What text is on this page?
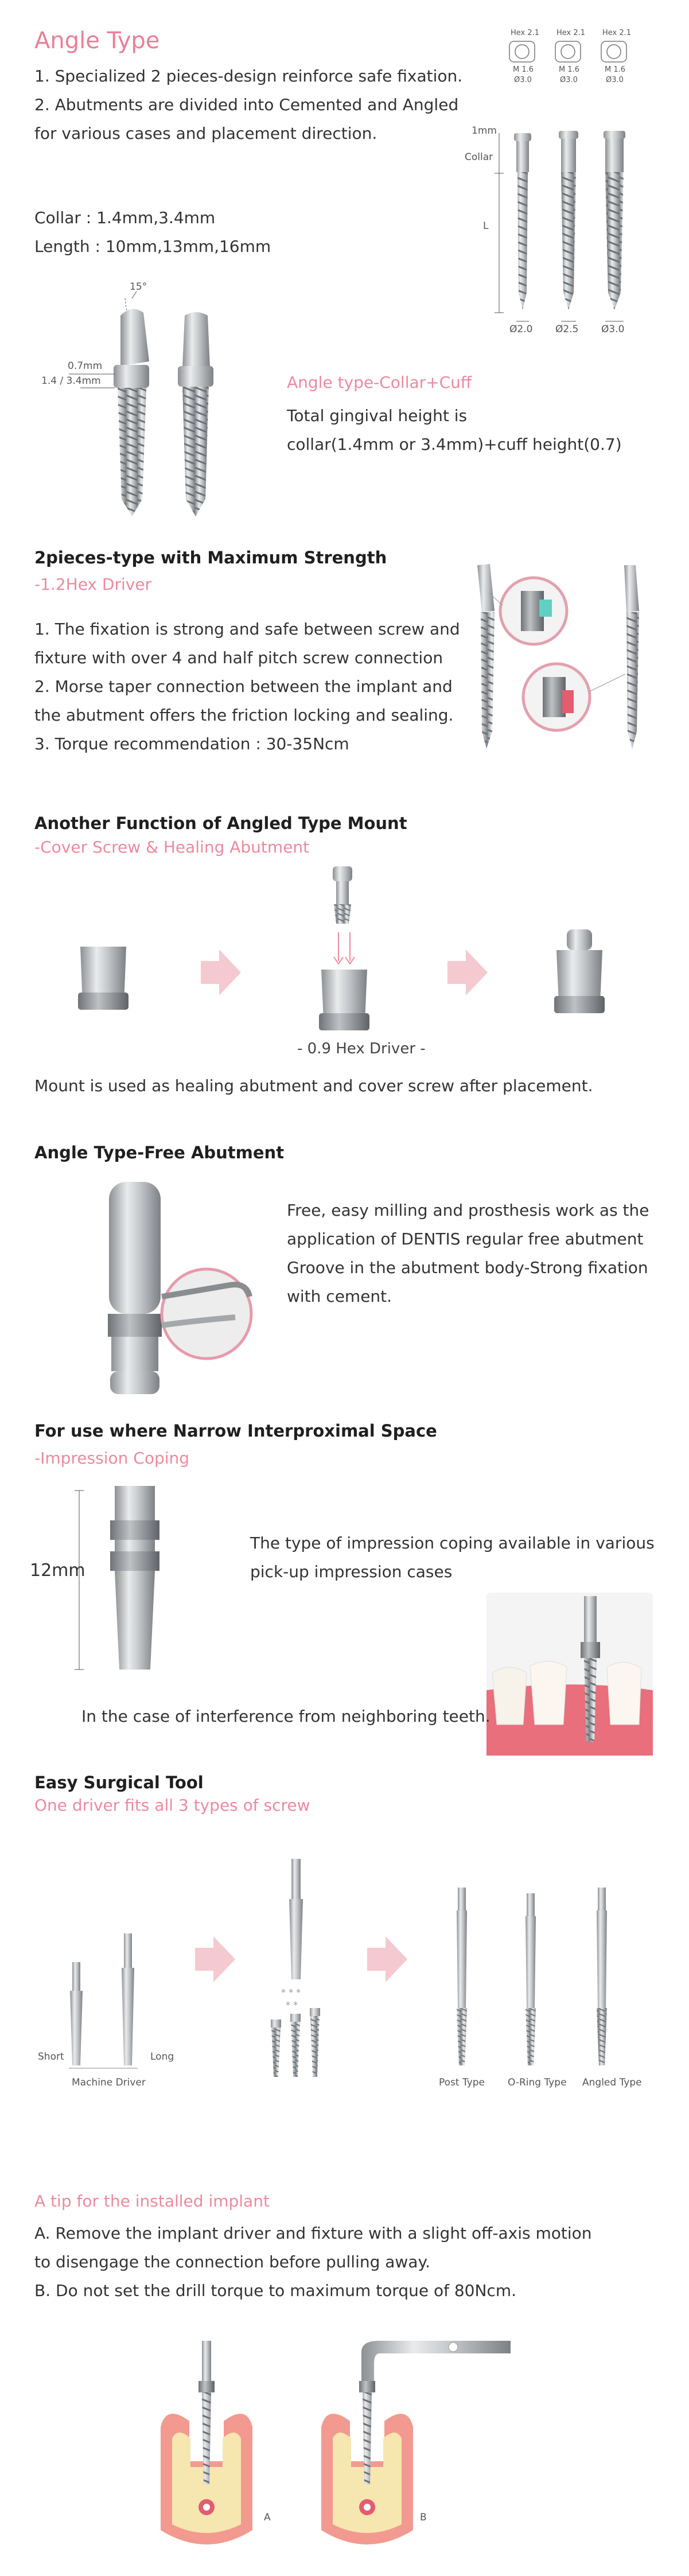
Angle Type

1. Specialized 2 pieces-design reinforce safe fixation.

2. Abutments are divided into Cemented and Angled

for various cases and placement direction.

Collar : 1.4mm,3.4mm

Length : 10mm,13mm,16mm

Hex 2.1 Hex 2.1 Hex 2.1
M 1.6	M 1.6	M 1.6
Ø3.0	Ø3.0	Ø3.0
1mm
Collar
L
Ø2.0 Ø2.5 Ø3.0
15°
0.7mm
1.4 / 3.4mm	Angle type-Collar+Cuff

Total gingival height is

collar(1.4mm or 3.4mm)+cuff height(0.7)

2pieces-type with Maximum Strength
-1.2Hex Driver

1. The fixation is strong and safe between screw and

fixture with over 4 and half pitch screw connection

2. Morse taper connection between the implant and

the abutment offers the friction locking and sealing.

3. Torque recommendation : 30-35Ncm

Another Function of Angled Type Mount
-Cover Screw & Healing Abutment
- 0.9 Hex Driver -
Mount is used as healing abutment and cover screw after placement.
Angle Type-Free Abutment

Free, easy milling and prosthesis work as the

application of DENTIS regular free abutment

Groove in the abutment body-Strong fixation

with cement.

For use where Narrow Interproximal Space
-Impression Coping
12mm

The type of impression coping available in various

pick-up impression cases

In the case of interference from neighboring teeth.
Easy Surgical Tool
One driver fits all 3 types of screw
* * *
* *
Short	Long
Machine Driver	Post Type O-Ring Type Angled Type
A tip for the installed implant

A. Remove the implant driver and fixture with a slight off-axis motion

to disengage the connection before pulling away.

B. Do not set the drill torque to maximum torque of 80Ncm.

A	B
